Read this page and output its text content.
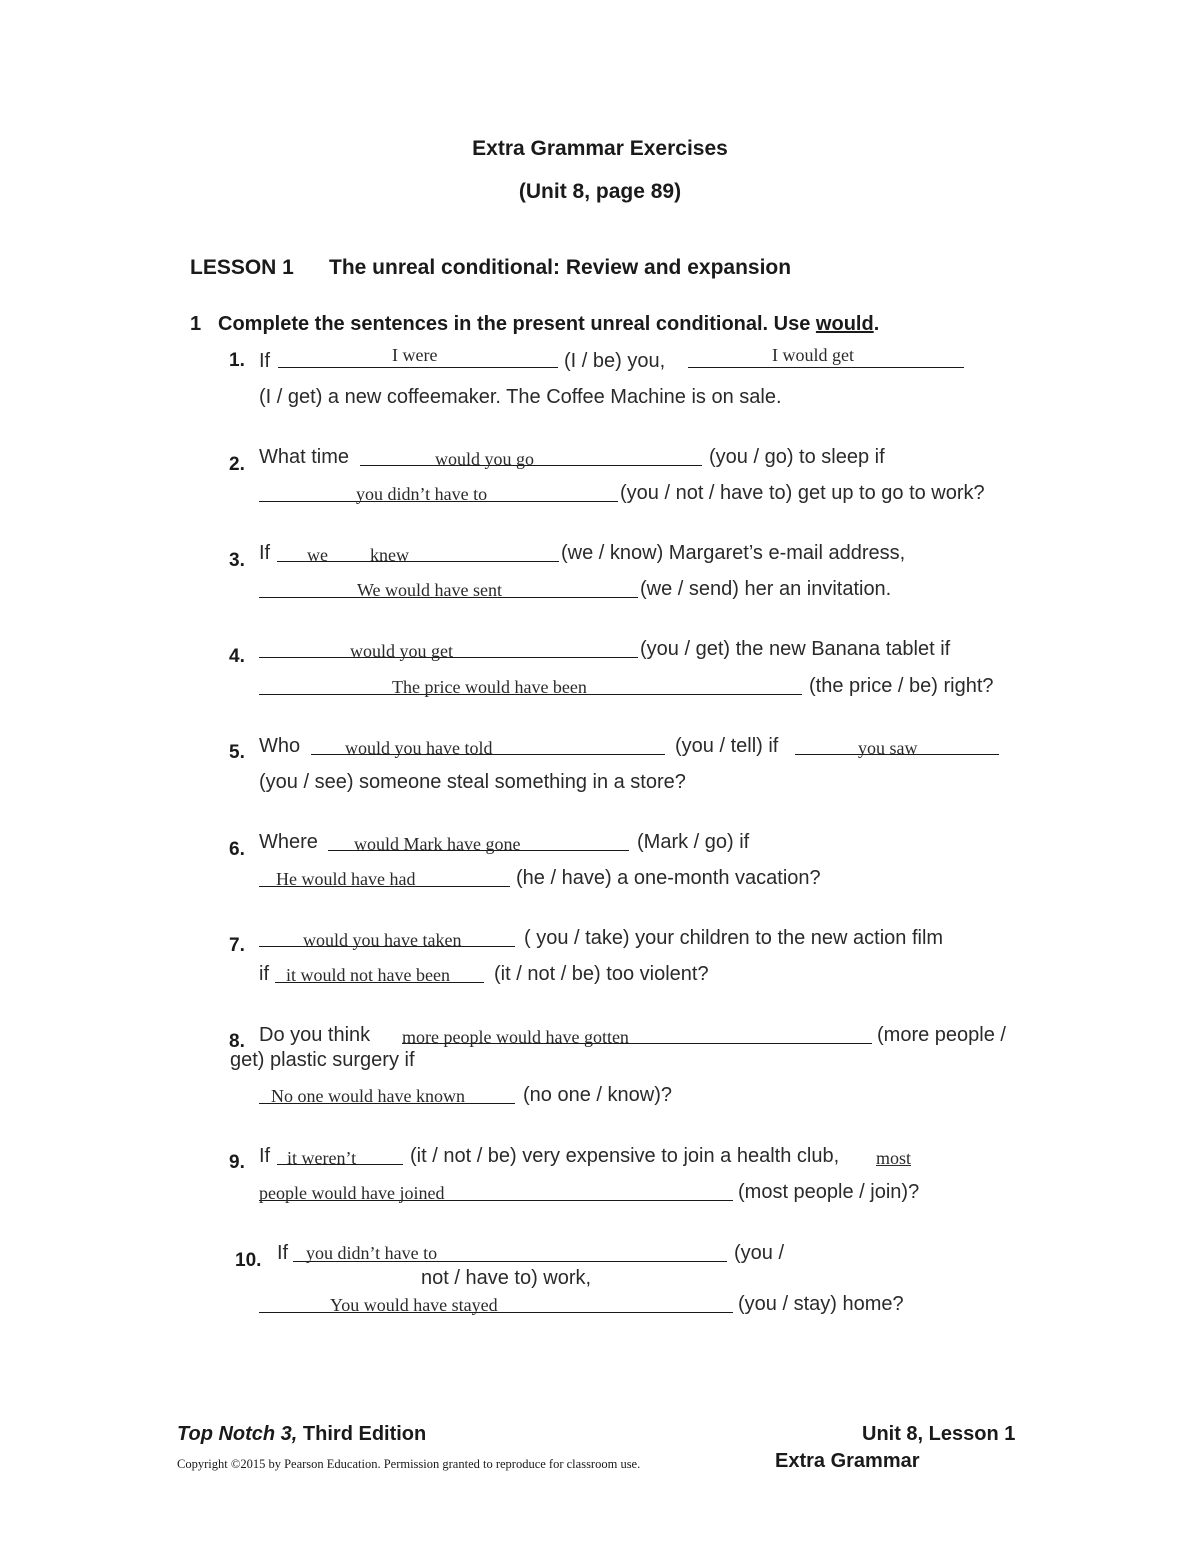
Extra Grammar Exercises
(Unit 8, page 89)
LESSON 1 The unreal conditional: Review and expansion
1 Complete the sentences in the present unreal conditional. Use would.
1. If	I were	(I / be) you,	I would get
(I / get) a new coffeemaker. The Coffee Machine is on sale.
2. What time	would you go	(you / go) to sleep if
you didn’t have to	(you / not / have to) get up to go to work?
3. If we knew	(we / know) Margaret’s e-mail address,
We would have sent	(we / send) her an invitation.
4.	would you get	(you / get) the new Banana tablet if
The price would have been	(the price / be) right?
5. Who would you have told	(you / tell) if	you saw
(you / see) someone steal something in a store?
6. Where would Mark have gone	(Mark / go) if
He would have had	(he / have) a one-month vacation?
7.	would you have taken	( you / take) your children to the new action film
if it would not have been (it / not / be) too violent?
8. Do you think more people would have gotten	(more people /
get) plastic surgery if
No one would have known	(no one / know)?
9. If it weren’t	(it / not / be) very expensive to join a health club, most
people would have joined	(most people / join)?
10. If you didn’t have to	(you /
not / have to) work,
You would have stayed	(you / stay) home?
Top Notch 3, Third Edition	Unit 8, Lesson 1
Copyright ©2015 by Pearson Education. Permission granted to reproduce for classroom use.	Extra Grammar
